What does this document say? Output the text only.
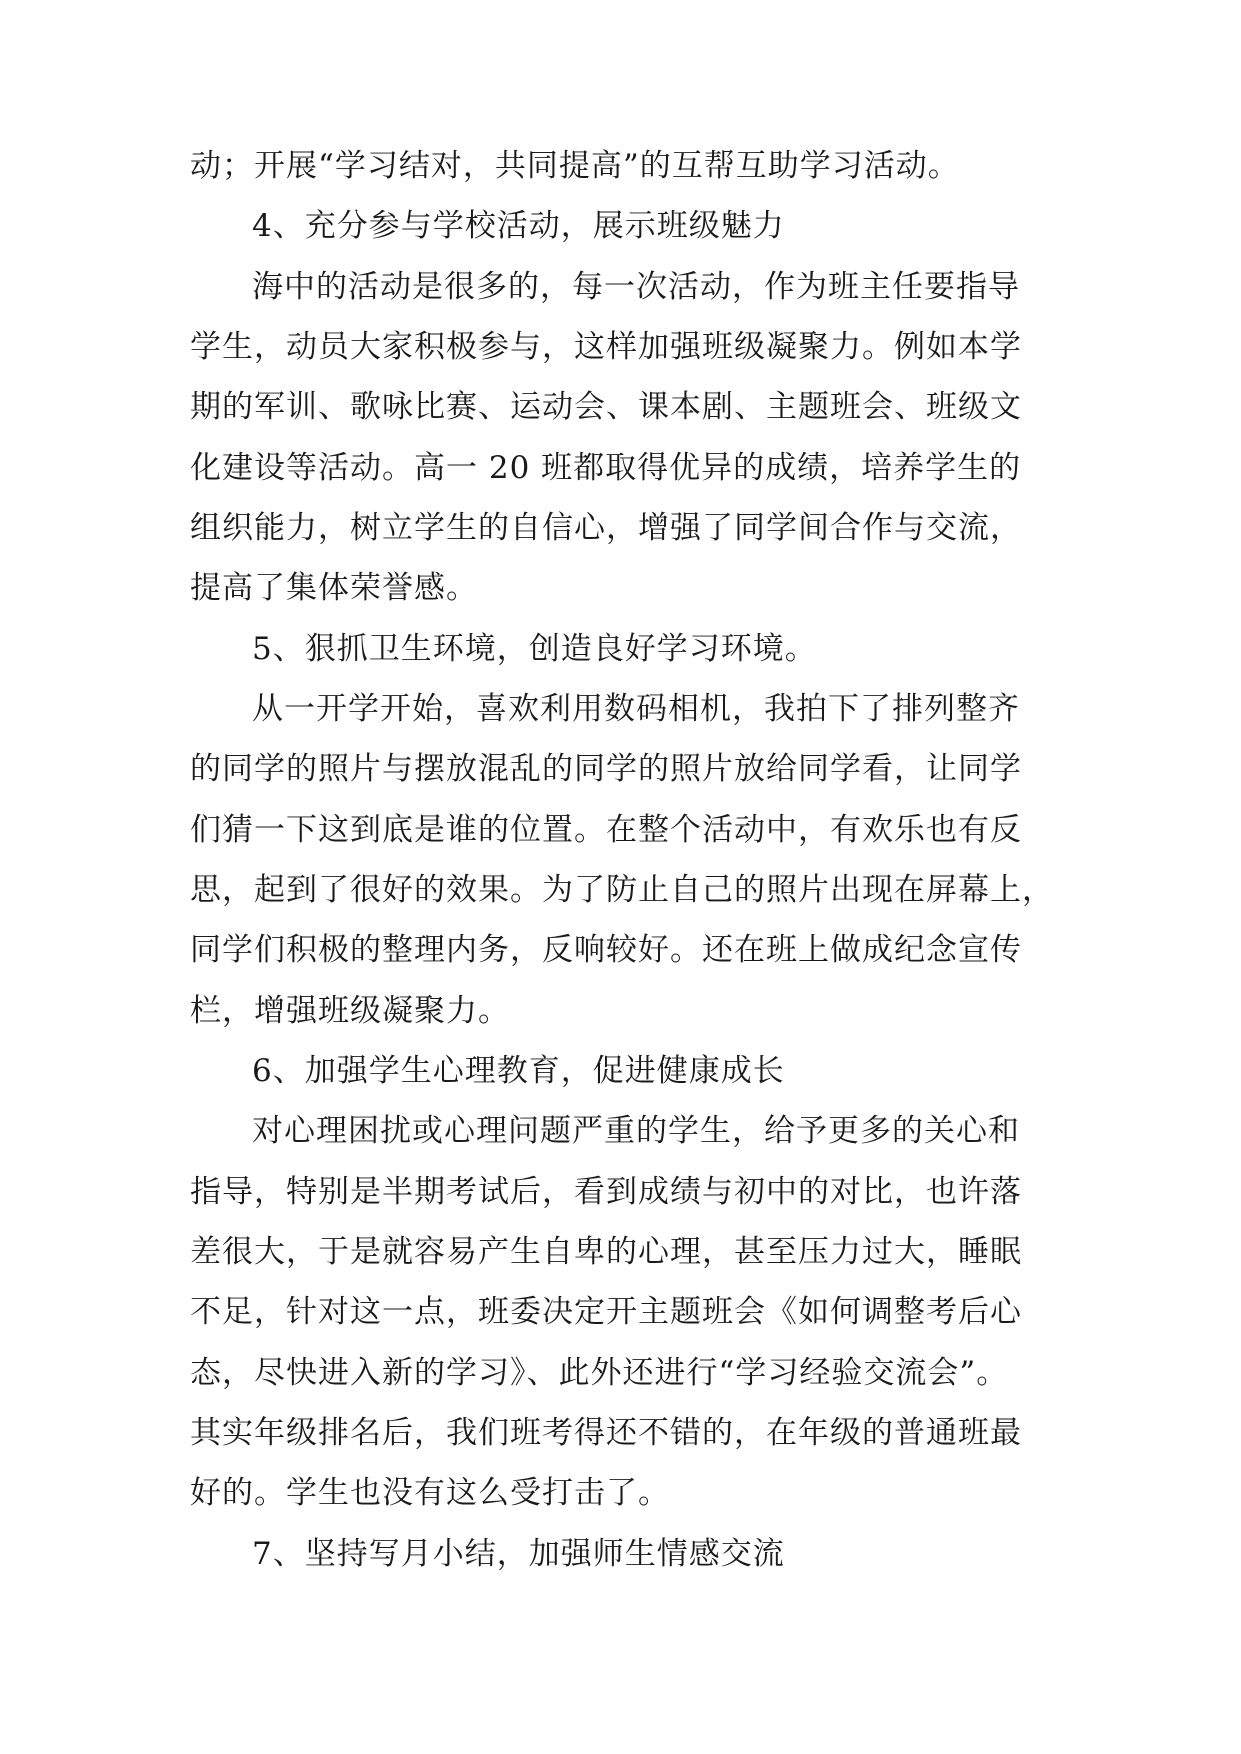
动；开展“学习结对，共同提高”的互帮互助学习活动。
4、充分参与学校活动，展示班级魅力
海中的活动是很多的，每一次活动，作为班主任要指导
学生，动员大家积极参与，这样加强班级凝聚力。例如本学
期的军训、歌咏比赛、运动会、课本剧、主题班会、班级文
化建设等活动。高一 20 班都取得优异的成绩，培养学生的
组织能力，树立学生的自信心，增强了同学间合作与交流，
提高了集体荣誉感。
5、狠抓卫生环境，创造良好学习环境。
从一开学开始，喜欢利用数码相机，我拍下了排列整齐
的同学的照片与摆放混乱的同学的照片放给同学看，让同学
们猜一下这到底是谁的位置。在整个活动中，有欢乐也有反
思，起到了很好的效果。为了防止自己的照片出现在屏幕上，
同学们积极的整理内务，反响较好。还在班上做成纪念宣传
栏，增强班级凝聚力。
6、加强学生心理教育，促进健康成长
对心理困扰或心理问题严重的学生，给予更多的关心和
指导，特别是半期考试后，看到成绩与初中的对比，也许落
差很大，于是就容易产生自卑的心理，甚至压力过大，睡眠
不足，针对这一点，班委决定开主题班会《如何调整考后心
态，尽快进入新的学习》、此外还进行“学习经验交流会”。
其实年级排名后，我们班考得还不错的，在年级的普通班最
好的。学生也没有这么受打击了。
7、坚持写月小结，加强师生情感交流
